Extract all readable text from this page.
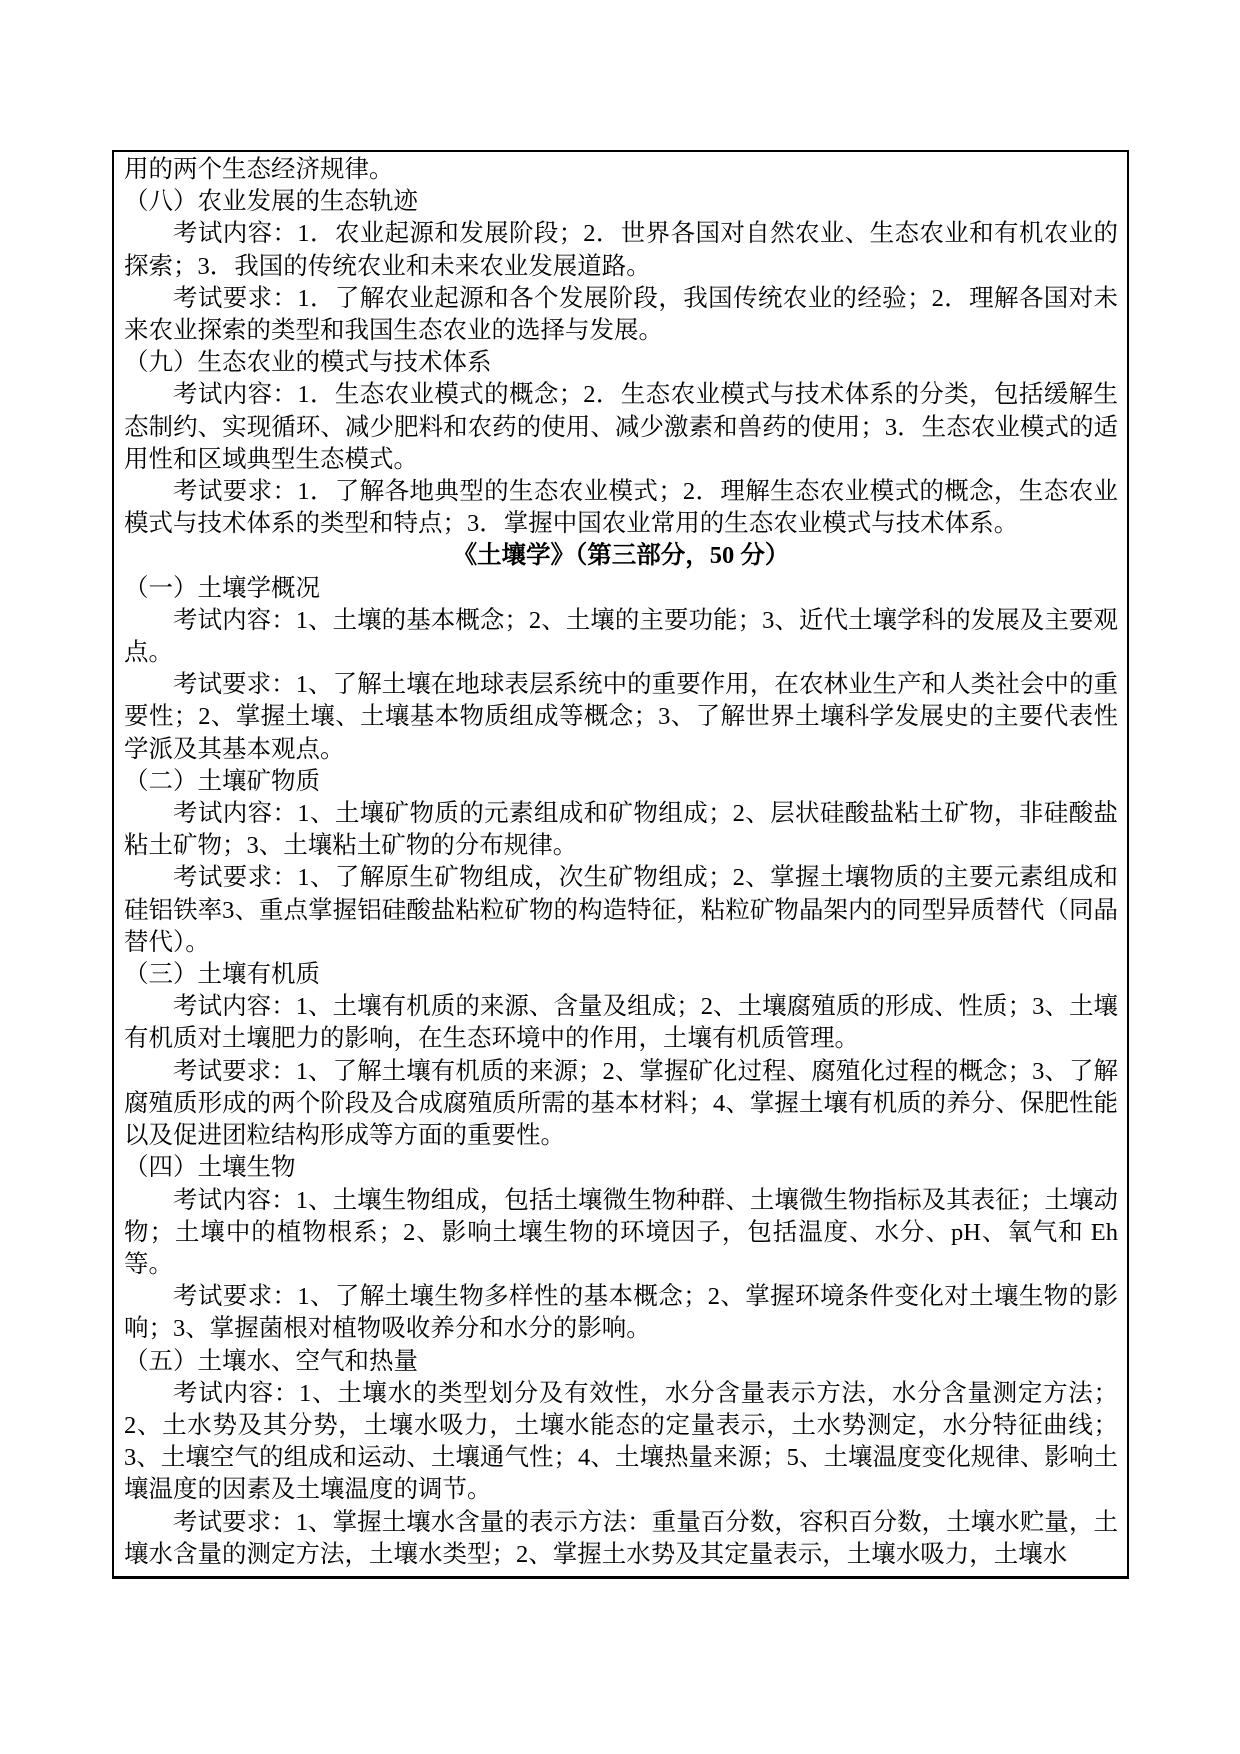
用的两个生态经济规律。

（八）农业发展的生态轨迹

考试内容：1．农业起源和发展阶段；2．世界各国对自然农业、生态农业和有机农业的探索；3．我国的传统农业和未来农业发展道路。

考试要求：1．了解农业起源和各个发展阶段，我国传统农业的经验；2．理解各国对未来农业探索的类型和我国生态农业的选择与发展。

（九）生态农业的模式与技术体系

考试内容：1．生态农业模式的概念；2．生态农业模式与技术体系的分类，包括缓解生态制约、实现循环、减少肥料和农药的使用、减少激素和兽药的使用；3．生态农业模式的适用性和区域典型生态模式。

考试要求：1．了解各地典型的生态农业模式；2．理解生态农业模式的概念，生态农业模式与技术体系的类型和特点；3．掌握中国农业常用的生态农业模式与技术体系。

《土壤学》（第三部分，50 分）

（一）土壤学概况

考试内容：1、土壤的基本概念；2、土壤的主要功能；3、近代土壤学科的发展及主要观点。

考试要求：1、了解土壤在地球表层系统中的重要作用，在农林业生产和人类社会中的重要性；2、掌握土壤、土壤基本物质组成等概念；3、了解世界土壤科学发展史的主要代表性学派及其基本观点。

（二）土壤矿物质

考试内容：1、土壤矿物质的元素组成和矿物组成；2、层状硅酸盐粘土矿物，非硅酸盐粘土矿物；3、土壤粘土矿物的分布规律。

考试要求：1、了解原生矿物组成，次生矿物组成；2、掌握土壤物质的主要元素组成和硅铝铁率3、重点掌握铝硅酸盐粘粒矿物的构造特征，粘粒矿物晶架内的同型异质替代（同晶替代）。

（三）土壤有机质

考试内容：1、土壤有机质的来源、含量及组成；2、土壤腐殖质的形成、性质；3、土壤有机质对土壤肥力的影响，在生态环境中的作用，土壤有机质管理。

考试要求：1、了解土壤有机质的来源；2、掌握矿化过程、腐殖化过程的概念；3、了解腐殖质形成的两个阶段及合成腐殖质所需的基本材料；4、掌握土壤有机质的养分、保肥性能以及促进团粒结构形成等方面的重要性。

（四）土壤生物

考试内容：1、土壤生物组成，包括土壤微生物种群、土壤微生物指标及其表征；土壤动物；土壤中的植物根系；2、影响土壤生物的环境因子，包括温度、水分、pH、氧气和 Eh 等。

考试要求：1、了解土壤生物多样性的基本概念；2、掌握环境条件变化对土壤生物的影响；3、掌握菌根对植物吸收养分和水分的影响。

（五）土壤水、空气和热量

考试内容：1、土壤水的类型划分及有效性，水分含量表示方法，水分含量测定方法；2、土水势及其分势，土壤水吸力，土壤水能态的定量表示，土水势测定，水分特征曲线；3、土壤空气的组成和运动、土壤通气性；4、土壤热量来源；5、土壤温度变化规律、影响土壤温度的因素及土壤温度的调节。

考试要求：1、掌握土壤水含量的表示方法：重量百分数，容积百分数，土壤水贮量，土壤水含量的测定方法，土壤水类型；2、掌握土水势及其定量表示，土壤水吸力，土壤水
